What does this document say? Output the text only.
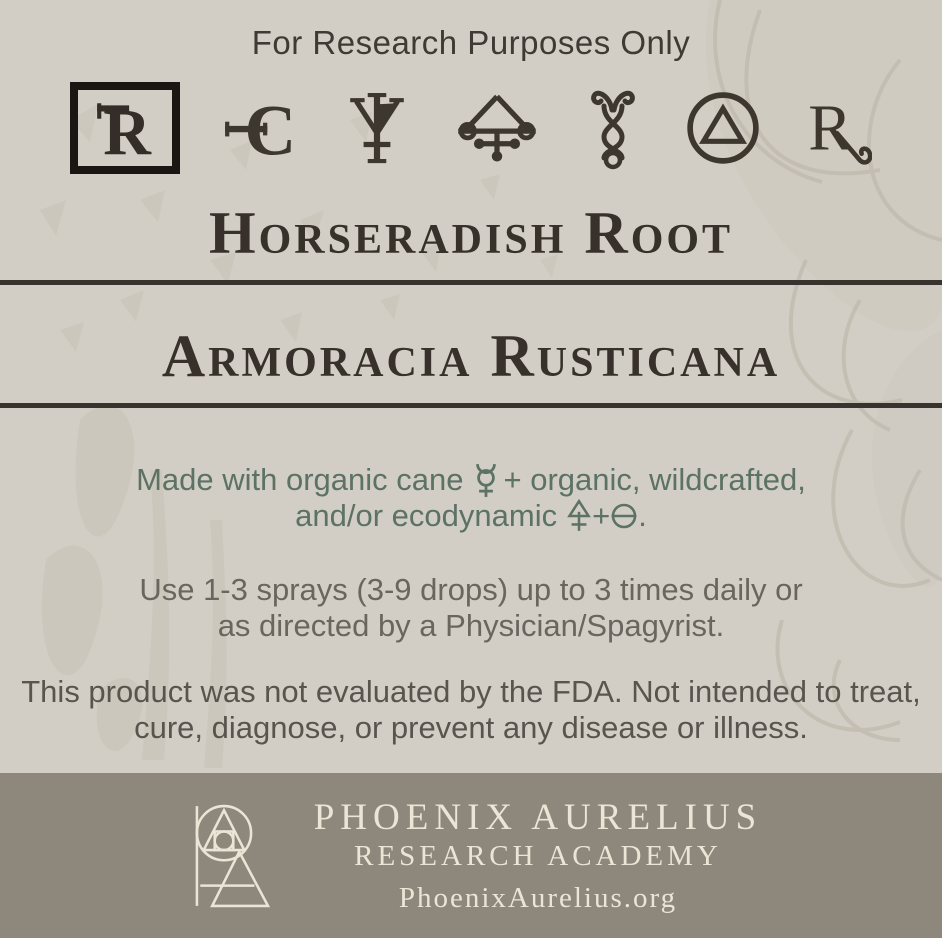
For Research Purposes Only
R C	R
Horseradish Root
Armoracia Rusticana
Made with organic cane + organic, wildcrafted,
and/or ecodynamic + .
Use 1-3 sprays (3-9 drops) up to 3 times daily or
as directed by a Physician/Spagyrist.
This product was not evaluated by the FDA. Not intended to treat,
cure, diagnose, or prevent any disease or illness.
PHOENIX AURELIUS
RESEARCH ACADEMY
PhoenixAurelius.org
